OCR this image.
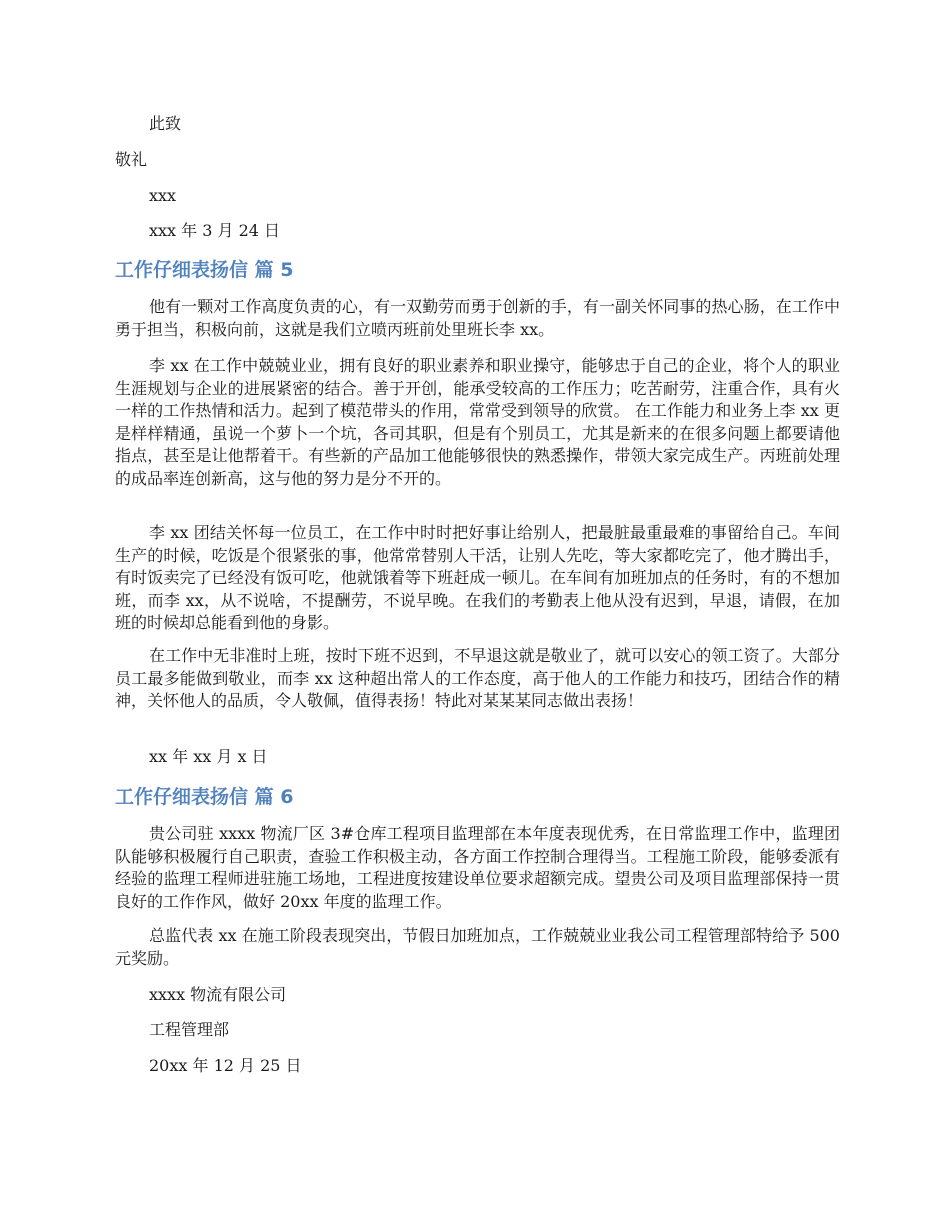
此致
敬礼
xxx
xxx 年 3 月 24 日
工作仔细表扬信 篇 5
他有一颗对工作高度负责的心，有一双勤劳而勇于创新的手，有一副关怀同事的热心肠，在工作中勇于担当，积极向前，这就是我们立喷丙班前处里班长李 xx。
李 xx 在工作中兢兢业业，拥有良好的职业素养和职业操守，能够忠于自己的企业，将个人的职业生涯规划与企业的进展紧密的结合。善于开创，能承受较高的工作压力；吃苦耐劳，注重合作，具有火一样的工作热情和活力。起到了模范带头的作用，常常受到领导的欣赏。 在工作能力和业务上李 xx 更是样样精通，虽说一个萝卜一个坑，各司其职，但是有个别员工，尤其是新来的在很多问题上都要请他指点，甚至是让他帮着干。有些新的产品加工他能够很快的熟悉操作，带领大家完成生产。丙班前处理的成品率连创新高，这与他的努力是分不开的。
李 xx 团结关怀每一位员工，在工作中时时把好事让给别人，把最脏最重最难的事留给自己。车间生产的时候，吃饭是个很紧张的事，他常常替别人干活，让别人先吃，等大家都吃完了，他才腾出手，有时饭卖完了已经没有饭可吃，他就饿着等下班赶成一顿儿。在车间有加班加点的任务时，有的不想加班，而李 xx，从不说啥，不提酬劳，不说早晚。在我们的考勤表上他从没有迟到，早退，请假，在加班的时候却总能看到他的身影。
在工作中无非准时上班，按时下班不迟到，不早退这就是敬业了，就可以安心的领工资了。大部分员工最多能做到敬业，而李 xx 这种超出常人的工作态度，高于他人的工作能力和技巧，团结合作的精神，关怀他人的品质，令人敬佩，值得表扬！特此对某某某同志做出表扬！
xx 年 xx 月 x 日
工作仔细表扬信 篇 6
贵公司驻 xxxx 物流厂区 3#仓库工程项目监理部在本年度表现优秀，在日常监理工作中，监理团队能够积极履行自己职责，查验工作积极主动，各方面工作控制合理得当。工程施工阶段，能够委派有经验的监理工程师进驻施工场地，工程进度按建设单位要求超额完成。望贵公司及项目监理部保持一贯良好的工作作风，做好 20xx 年度的监理工作。
总监代表 xx 在施工阶段表现突出，节假日加班加点，工作兢兢业业我公司工程管理部特给予 500 元奖励。
xxxx 物流有限公司
工程管理部
20xx 年 12 月 25 日
